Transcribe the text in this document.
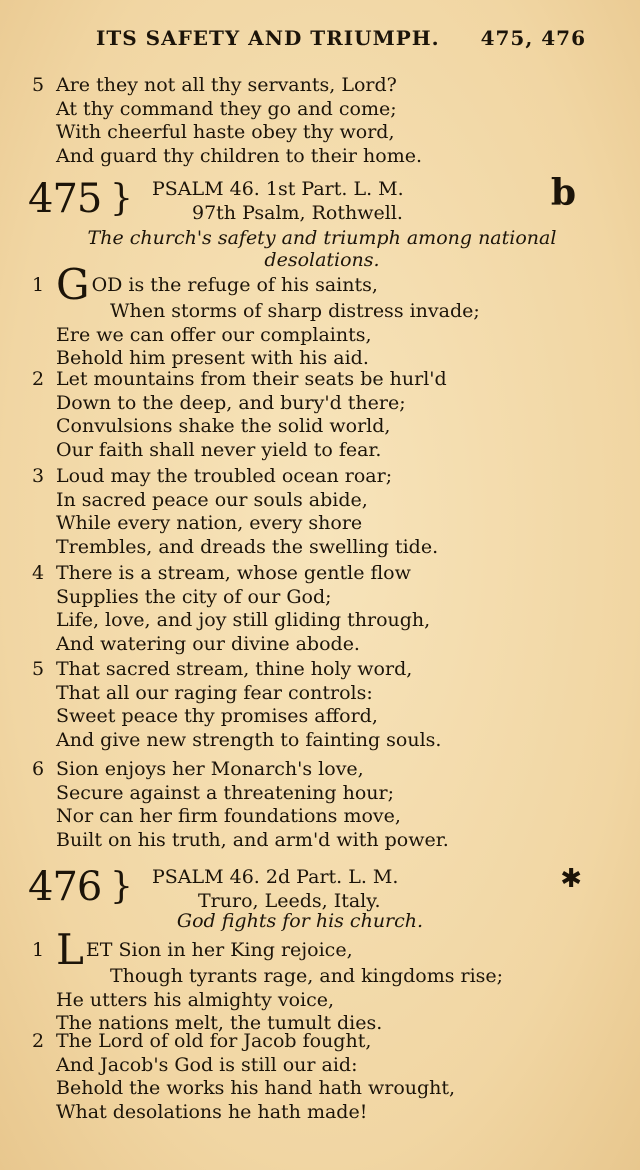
ITS SAFETY AND TRIUMPH. 475, 476
5 Are they not all thy servants, Lord?
At thy command they go and come;
With cheerful haste obey thy word,
And guard thy children to their home.
475 } PSALM 46. 1st Part. L. M.
97th Psalm, Rothwell.	b
The church's safety and triumph among national
desolations.
1 G OD is the refuge of his saints,
When storms of sharp distress invade;
Ere we can offer our complaints,
Behold him present with his aid.
2 Let mountains from their seats be hurl'd
Down to the deep, and bury'd there;
Convulsions shake the solid world,
Our faith shall never yield to fear.
3 Loud may the troubled ocean roar;
In sacred peace our souls abide,
While every nation, every shore
Trembles, and dreads the swelling tide.
4 There is a stream, whose gentle flow
Supplies the city of our God;
Life, love, and joy still gliding through,
And watering our divine abode.
5 That sacred stream, thine holy word,
That all our raging fear controls:
Sweet peace thy promises afford,
And give new strength to fainting souls.
6 Sion enjoys her Monarch's love,
Secure against a threatening hour;
Nor can her firm foundations move,
Built on his truth, and arm'd with power.
476 } PSALM 46. 2d Part. L. M.
Truro, Leeds, Italy.
✱
God fights for his church.
1 L ET Sion in her King rejoice,
Though tyrants rage, and kingdoms rise;
He utters his almighty voice,
The nations melt, the tumult dies.
2 The Lord of old for Jacob fought,
And Jacob's God is still our aid:
Behold the works his hand hath wrought,
What desolations he hath made!
